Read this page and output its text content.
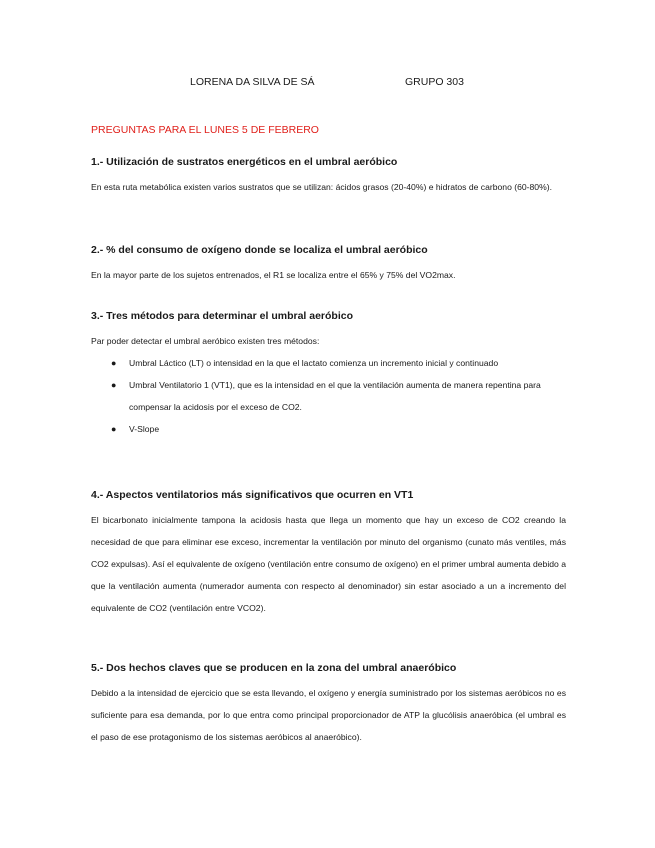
LORENA DA SILVA DE SÁ	GRUPO 303
PREGUNTAS PARA EL LUNES 5 DE FEBRERO
1.- Utilización de sustratos energéticos en el umbral aeróbico

En esta ruta metabólica existen varios sustratos que se utilizan: ácidos grasos (20-40%) e hidratos de carbono (60-80%).

2.- % del consumo de oxígeno donde se localiza el umbral aeróbico

En la mayor parte de los sujetos entrenados, el R1 se localiza entre el 65% y 75% del VO2max.

3.- Tres métodos para determinar el umbral aeróbico

Par poder detectar el umbral aeróbico existen tres métodos:

● Umbral Láctico (LT) o intensidad en la que el lactato comienza un incremento inicial y continuado
● Umbral Ventilatorio 1 (VT1), que es la intensidad en el que la ventilación aumenta de manera repentina para compensar la acidosis por el exceso de CO2.
● V-Slope
4.- Aspectos ventilatorios más significativos que ocurren en VT1

El bicarbonato inicialmente tampona la acidosis hasta que llega un momento que hay un exceso de CO2 creando la necesidad de que para eliminar ese exceso, incrementar la ventilación por minuto del organismo (cunato más ventiles, más CO2 expulsas). Así el equivalente de oxígeno (ventilación entre consumo de oxígeno) en el primer umbral aumenta debido a que la ventilación aumenta (numerador aumenta con respecto al denominador) sin estar asociado a un a incremento del equivalente de CO2 (ventilación entre VCO2).

5.- Dos hechos claves que se producen en la zona del umbral anaeróbico

Debido a la intensidad de ejercicio que se esta llevando, el oxígeno y energía suministrado por los sistemas aeróbicos no es suficiente para esa demanda, por lo que entra como principal proporcionador de ATP la glucólisis anaeróbica (el umbral es el paso de ese protagonismo de los sistemas aeróbicos al anaeróbico).
